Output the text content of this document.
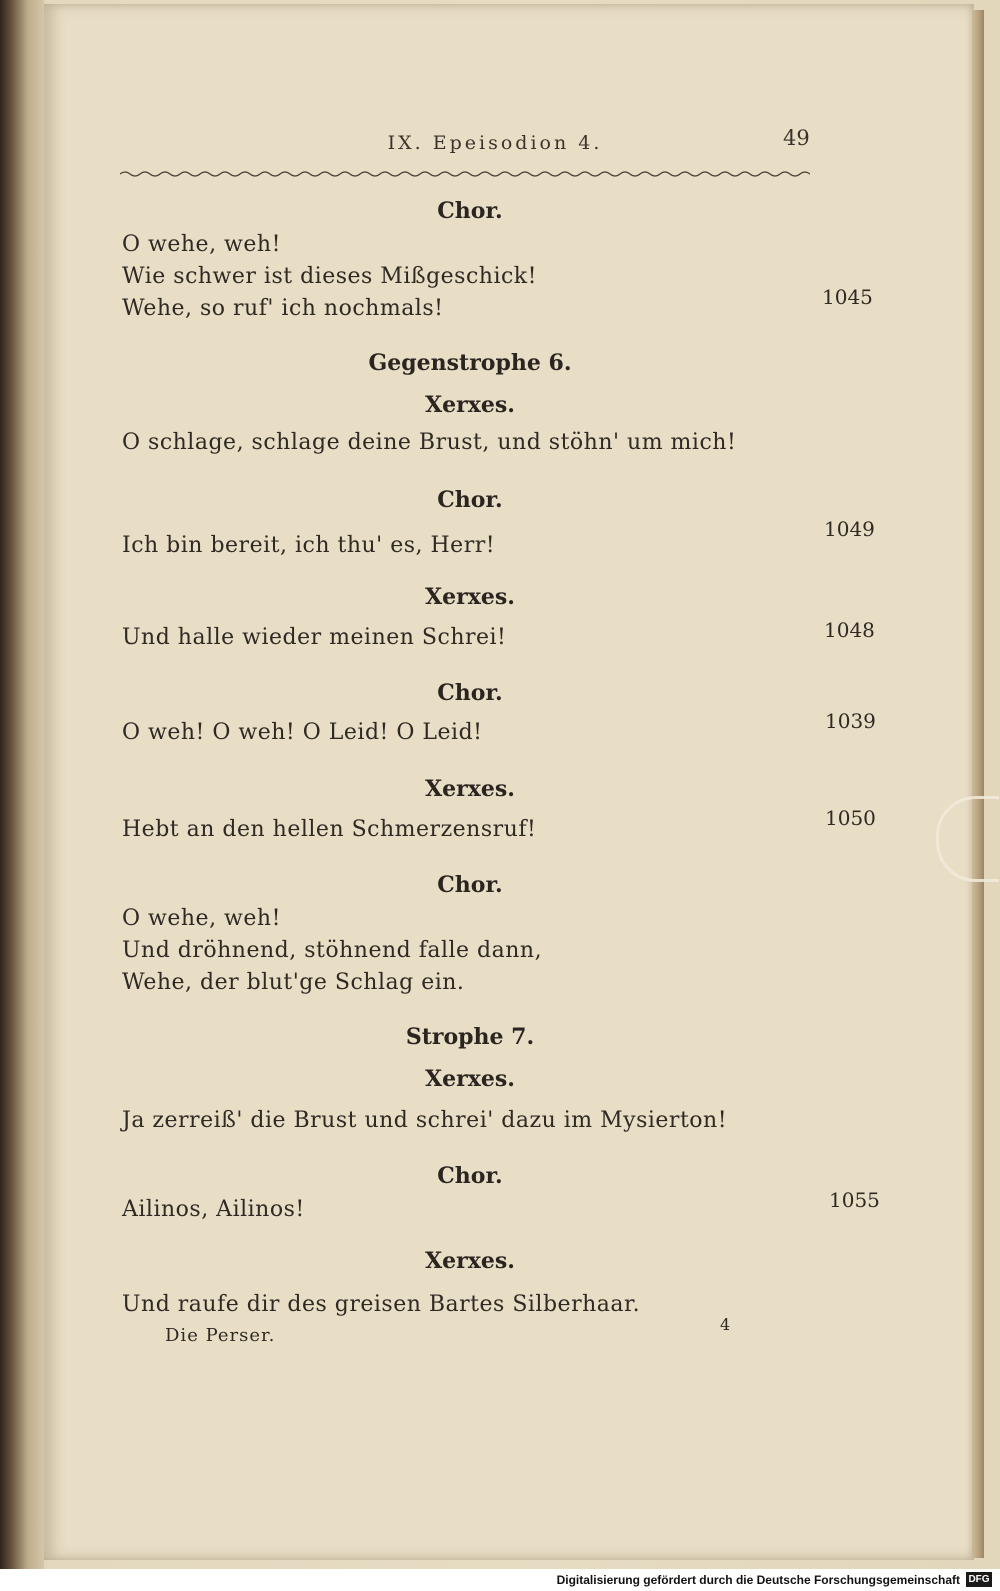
IX. Epeisodion 4.	49
Chor.
O wehe, weh!
Wie schwer ist dieses Mißgeschick!
Wehe, so ruf' ich nochmals!	1045
Gegenstrophe 6.
Xerxes.
O schlage, schlage deine Brust, und stöhn' um mich!
Chor.
Ich bin bereit, ich thu' es, Herr!
1049
Xerxes.
Und halle wieder meinen Schrei!	1048
Chor.
O weh! O weh! O Leid! O Leid!	1039
Xerxes.
Hebt an den hellen Schmerzensruf!	1050
Chor.
O wehe, weh!
Und dröhnend, stöhnend falle dann,
Wehe, der blut'ge Schlag ein.
Strophe 7.
Xerxes.
Ja zerreiß' die Brust und schrei' dazu im Mysierton!
Chor.
Ailinos, Ailinos!	1055
Xerxes.
Und raufe dir des greisen Bartes Silberhaar.
Die Perser.
4
Digitalisierung gefördert durch die Deutsche Forschungsgemeinschaft DFG
